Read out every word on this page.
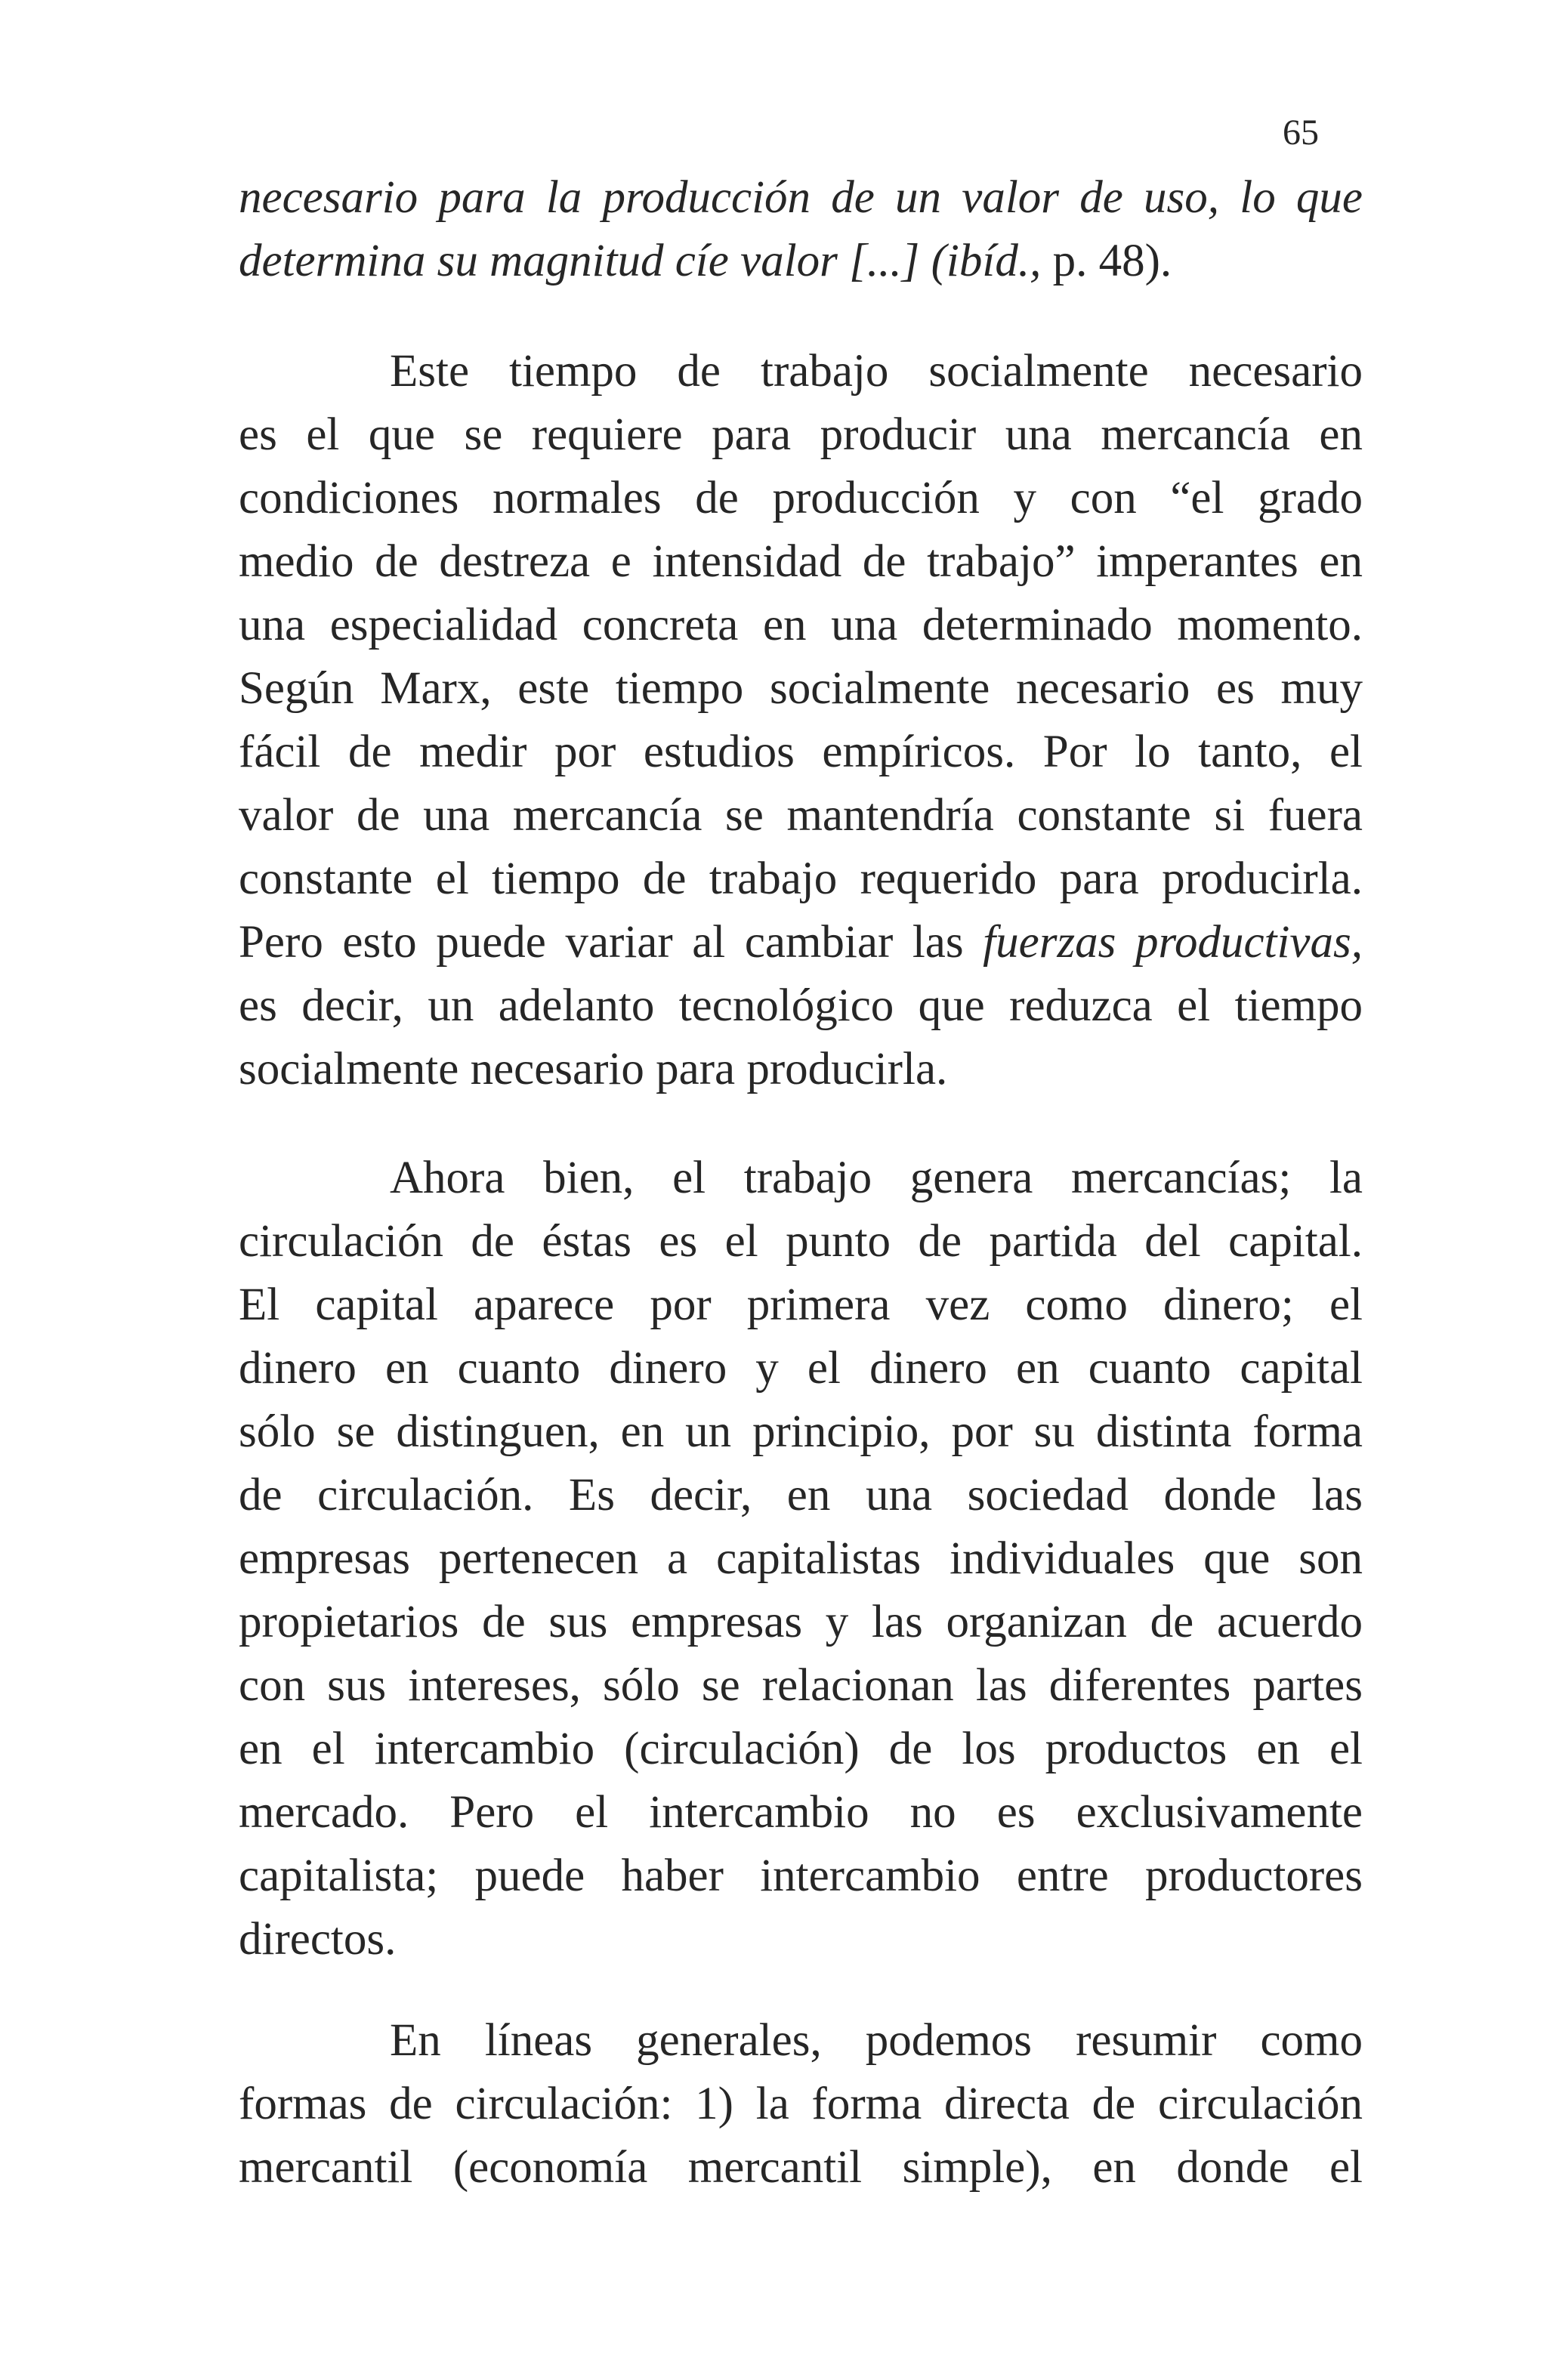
65
necesario para la producción de un valor de uso, lo que
determina su magnitud cíe valor [...] (ibíd., p. 48).
Este tiempo de trabajo socialmente necesario
es el que se requiere para producir una mercancía en
condiciones normales de producción y con “el grado
medio de destreza e intensidad de trabajo” imperantes en
una especialidad concreta en una determinado momento.
Según Marx, este tiempo socialmente necesario es muy
fácil de medir por estudios empíricos. Por lo tanto, el
valor de una mercancía se mantendría constante si fuera
constante el tiempo de trabajo requerido para producirla.
Pero esto puede variar al cambiar las fuerzas productivas,
es decir, un adelanto tecnológico que reduzca el tiempo
socialmente necesario para producirla.
Ahora bien, el trabajo genera mercancías; la
circulación de éstas es el punto de partida del capital.
El capital aparece por primera vez como dinero; el
dinero en cuanto dinero y el dinero en cuanto capital
sólo se distinguen, en un principio, por su distinta forma
de circulación. Es decir, en una sociedad donde las
empresas pertenecen a capitalistas individuales que son
propietarios de sus empresas y las organizan de acuerdo
con sus intereses, sólo se relacionan las diferentes partes
en el intercambio (circulación) de los productos en el
mercado. Pero el intercambio no es exclusivamente
capitalista; puede haber intercambio entre productores
directos.
En líneas generales, podemos resumir como
formas de circulación: 1) la forma directa de circulación
mercantil (economía mercantil simple), en donde el
